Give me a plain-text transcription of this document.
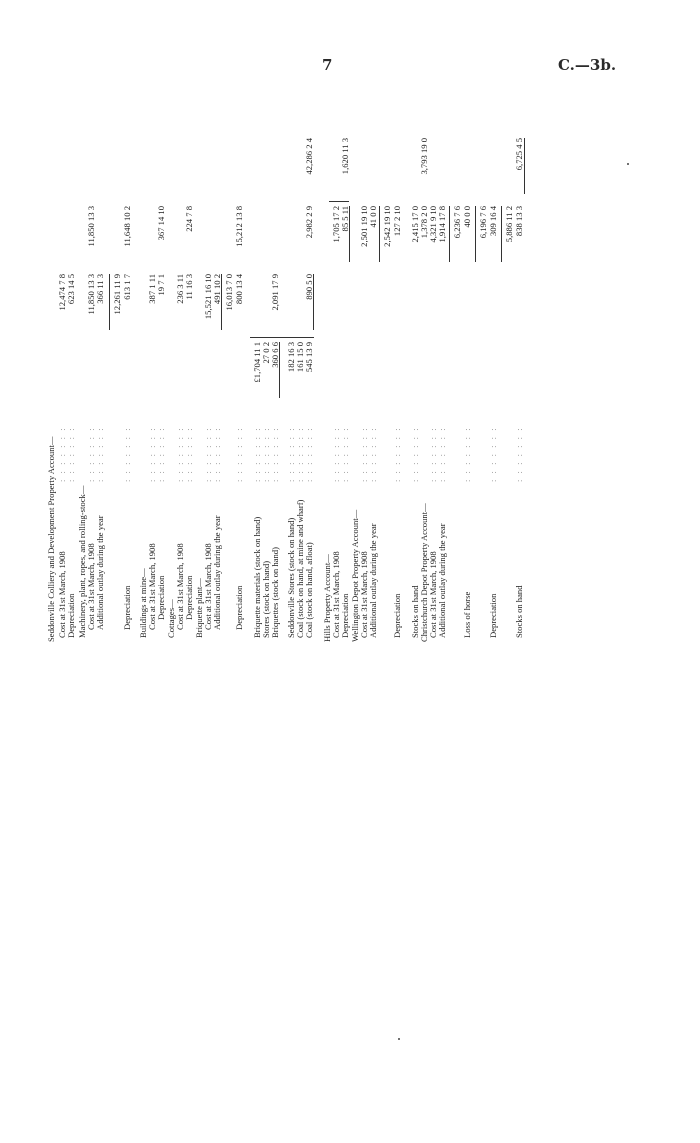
7	C.—3b.
Seddonville Colliery and Development Property Account— Cost at 31st March, 1908
: : : : : : :
12,474 7 8
Depreciation
: : : : : : :
623 14 5
Machinery, plant, ropes, and rolling-stock— Cost at 31st March, 1908
: : : : : : :
11,850 13 3
11,850 13 3
Additional outlay during the year
: : : : : : :
366 11 3 12,261 11 9
Depreciation
: : : : : : :
613 1 7
11,648 10 2
Buildings at mine— Cost at 31st March, 1908
: : : : : : :
387 1 11
Depreciation
: : : : : : :
19 7 1
367 14 10
Cottages— Cost at 31st March, 1908
: : : : : : :
236 3 11
Depreciation
: : : : : : :
11 16 3
224 7 8
Briquette plant— Cost at 31st March, 1908
: : : : : : :
15,521 16 10
Additional outlay during the year
: : : : : : :
491 10 2 16,013 7 0
Depreciation
: : : : : : :
800 13 4
15,212 13 8
Briquette materials (stock on hand)
: : : : : : :
£1,704 11 1
Stores (stock on hand)
: : : : : : :
27 0 2
Briquettes (stock on hand)
: : : : : : :
360 6 6
2,091 17 9
Seddonville Stores (stock on hand)
: : : : : : :
182 16 3
Coal (stock on hand, at mine and wharf)
: : : : : : :
161 15 0
Coal (stock on hand, afloat)
: : : : : : :
545 13 9
890 5 0
2,982 2 9
42,286 2 4
Hills Property Account— Cost at 31st March, 1908
: : : : : : :
1,705 17 2
Depreciation
: : : : : : :
85 5 11
1,620 11 3
Wellington Depot Property Account— Cost at 31st March, 1908
: : : : : : :
2,501 19 10
Additional outlay during the year
: : : : : : :
41 0 0 2,542 19 10
Depreciation
: : : : : : :
127 2 10
Stocks on hand
: : : : : : :
2,415 17 0
Christchurch Depot Property Account—
1,378 2 0
3,793 19 0
Cost at 31st March, 1908
: : : : : : :
4,321 9 10
Additional outlay during the year
: : : : : : :
1,914 17 8 6,236 7 6
Loss of horse
: : : : : : :
40 0 0 6,196 7 6
Depreciation
: : : : : : :
309 16 4 5,886 11 2
Stocks on hand
: : : : : : :
838 13 3
6,725 4 5
